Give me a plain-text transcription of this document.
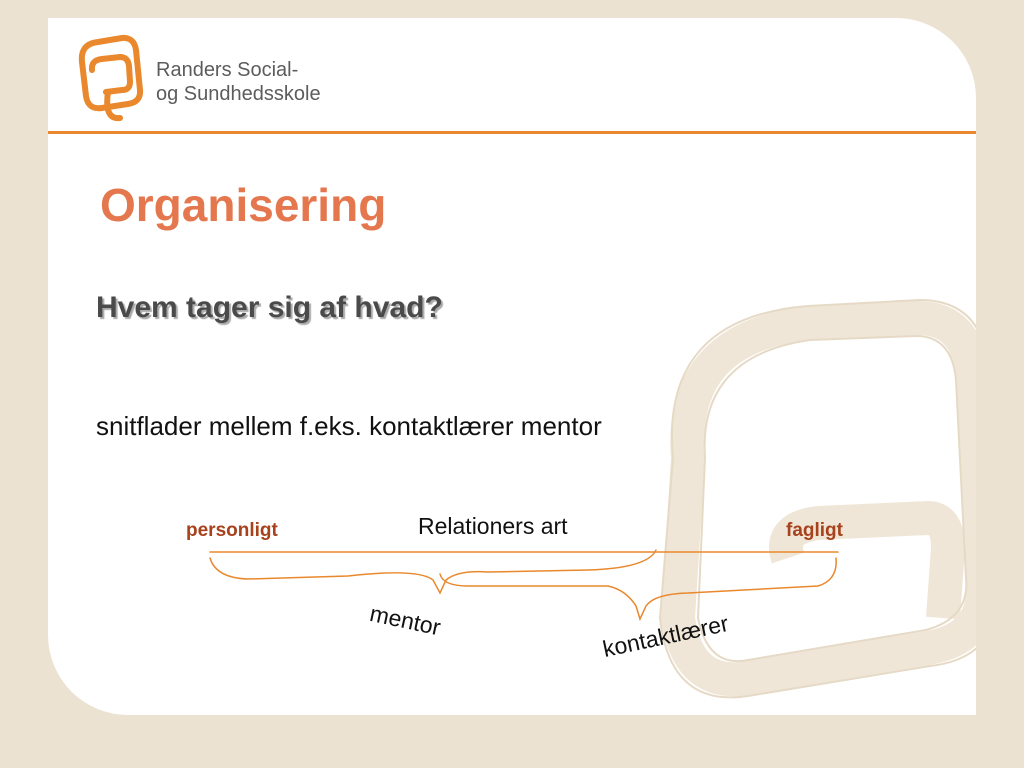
Randers Social-
og Sundhedsskole
Organisering
Hvem tager sig af hvad?
snitflader mellem f.eks. kontaktlærer mentor
personligt	fagligt
Relationers art
mentor	kontaktlærer
